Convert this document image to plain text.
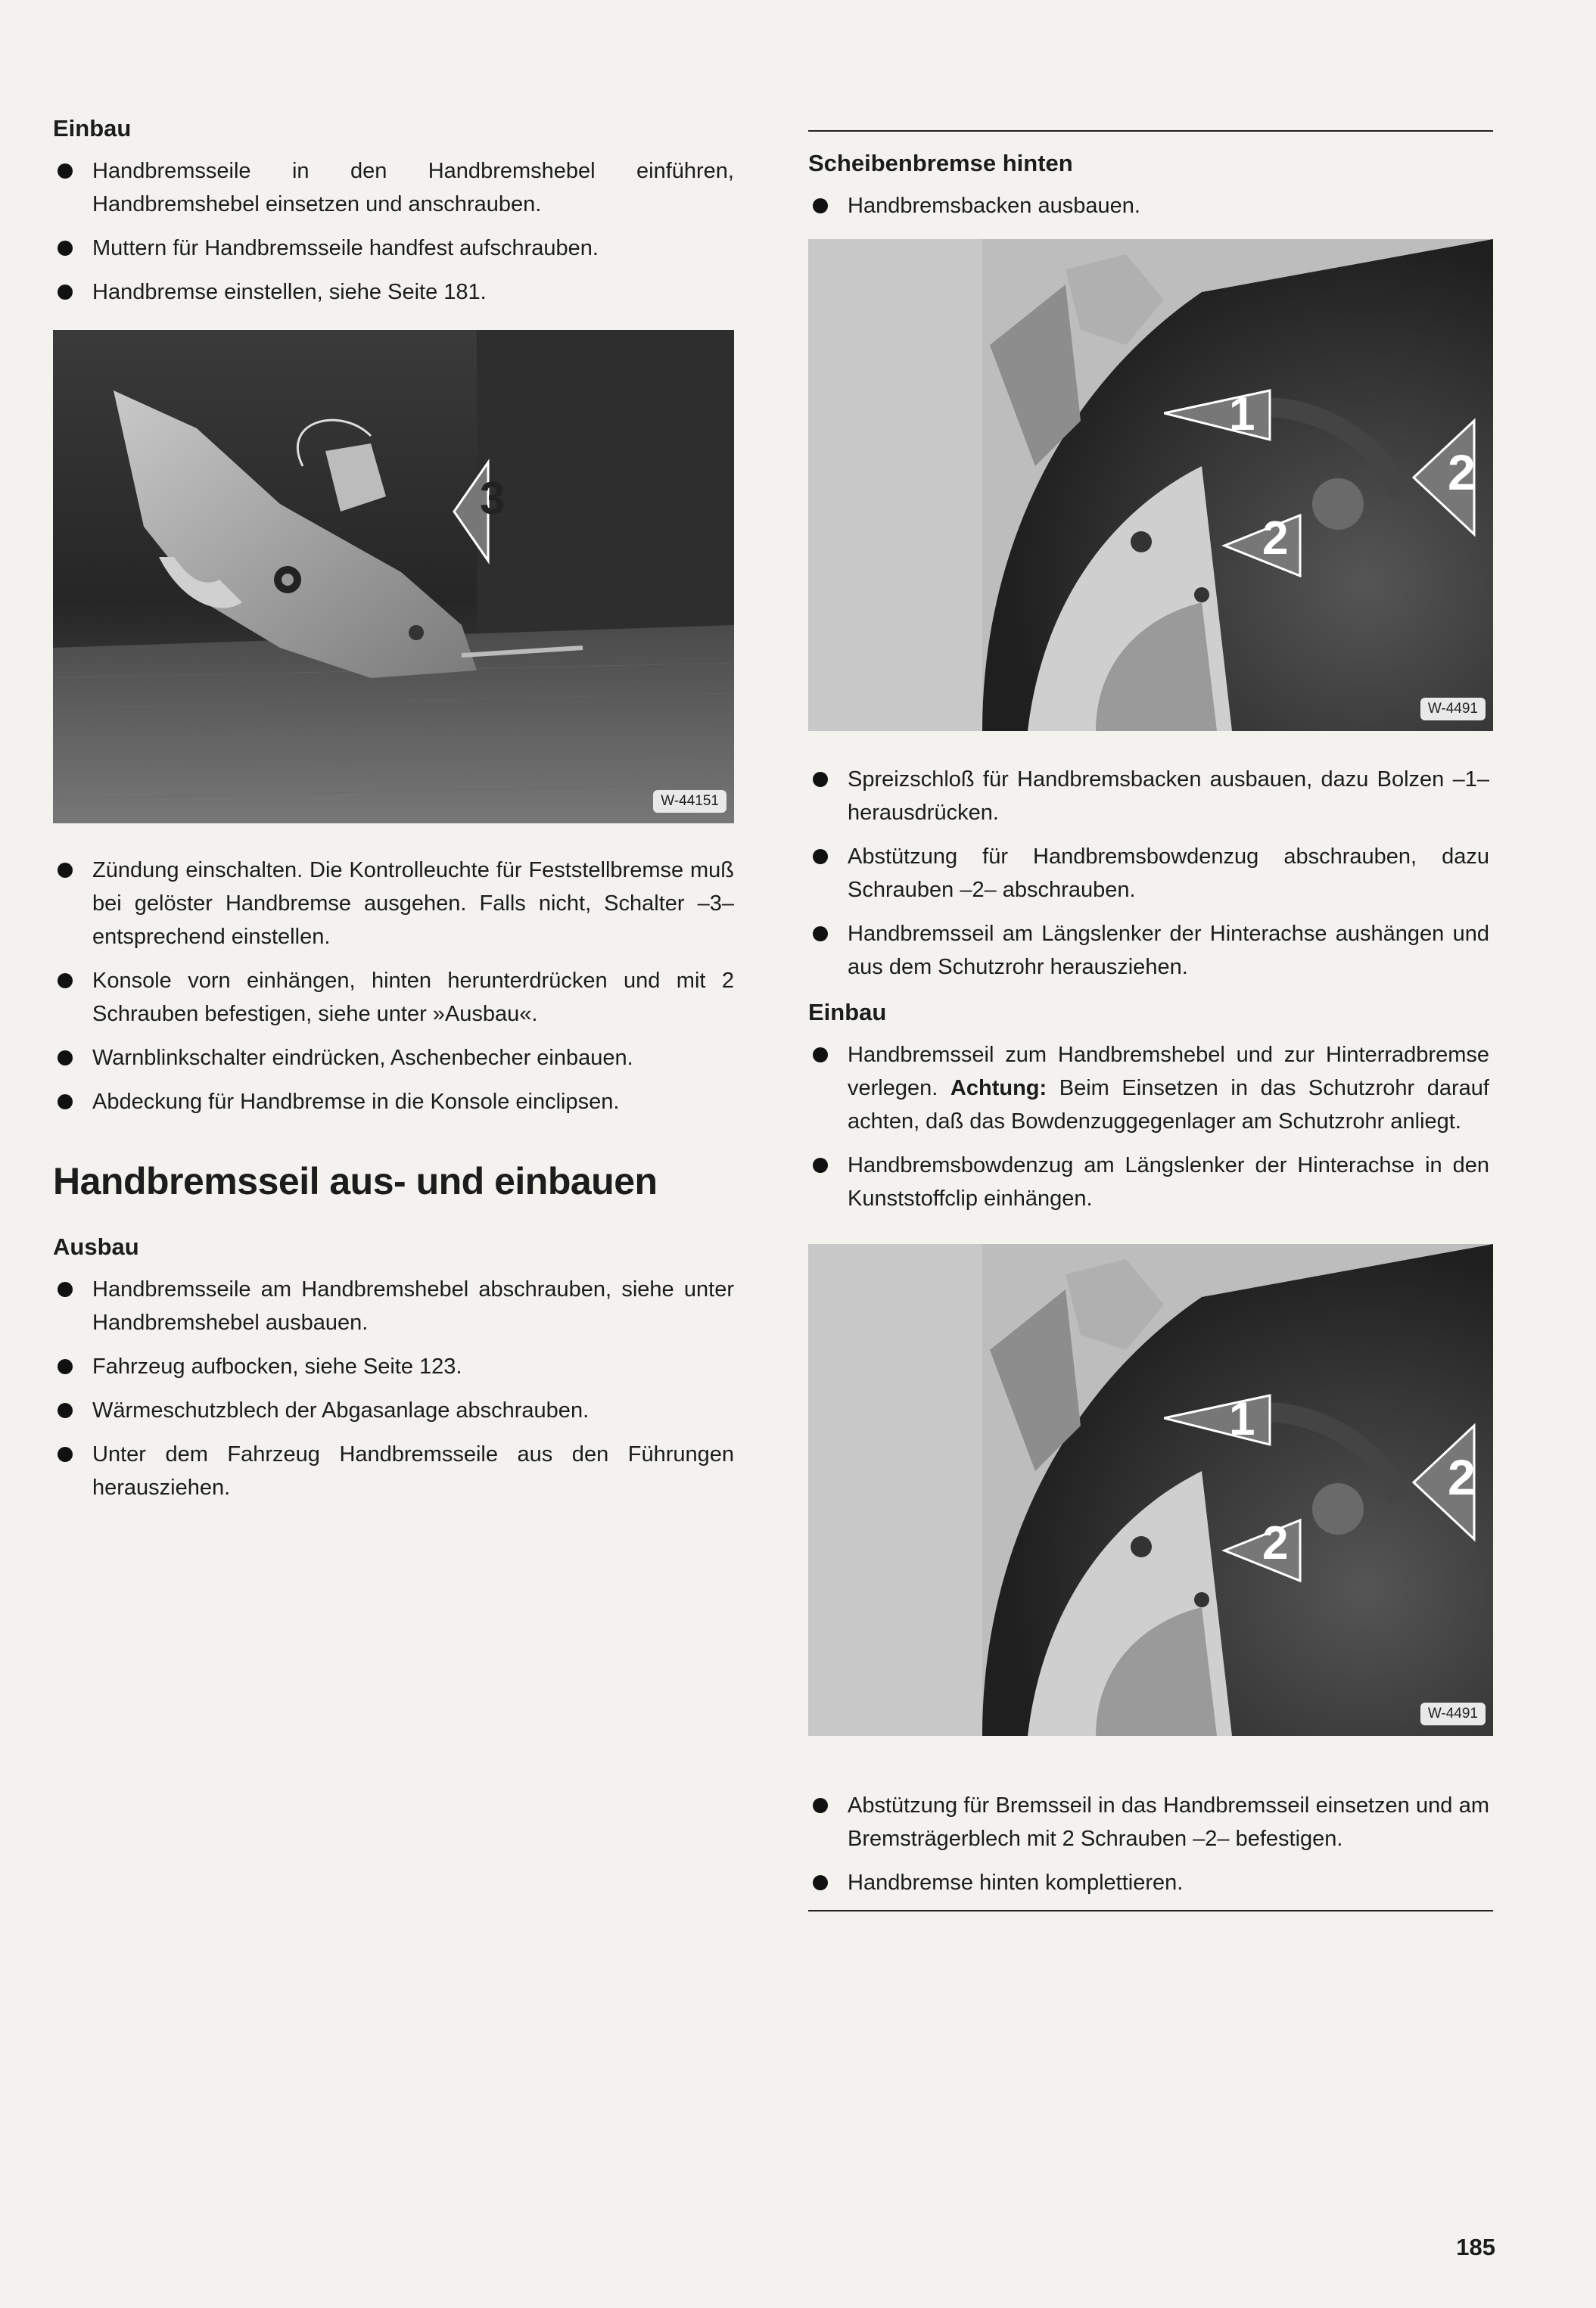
Einbau
Handbremsseile in den Handbremshebel einführen, Handbremshebel einsetzen und anschrauben.
Muttern für Handbremsseile handfest aufschrauben.
Handbremse einstellen, siehe Seite 181.
3
W-44151
Zündung einschalten. Die Kontrolleuchte für Feststellbremse muß bei gelöster Handbremse ausgehen. Falls nicht, Schalter –3– entsprechend einstellen.
Konsole vorn einhängen, hinten herunterdrücken und mit 2 Schrauben befestigen, siehe unter »Ausbau«.
Warnblinkschalter eindrücken, Aschenbecher einbauen.
Abdeckung für Handbremse in die Konsole einclipsen.
Handbremsseil aus- und einbauen
Ausbau
Handbremsseile am Handbremshebel abschrauben, siehe unter Handbremshebel ausbauen.
Fahrzeug aufbocken, siehe Seite 123.
Wärmeschutzblech der Abgasanlage abschrauben.
Unter dem Fahrzeug Handbremsseile aus den Führungen herausziehen.
Scheibenbremse hinten
Handbremsbacken ausbauen.
1
2
2
W-4491
Spreizschloß für Handbremsbacken ausbauen, dazu Bolzen –1– herausdrücken.
Abstützung für Handbremsbowdenzug abschrauben, dazu Schrauben –2– abschrauben.
Handbremsseil am Längslenker der Hinterachse aushängen und aus dem Schutzrohr herausziehen.
Einbau
Handbremsseil zum Handbremshebel und zur Hinterradbremse verlegen. Achtung: Beim Einsetzen in das Schutzrohr darauf achten, daß das Bowdenzuggegenlager am Schutzrohr anliegt.
Handbremsbowdenzug am Längslenker der Hinterachse in den Kunststoffclip einhängen.
1
2
2
W-4491
Abstützung für Bremsseil in das Handbremsseil einsetzen und am Bremsträgerblech mit 2 Schrauben –2– befestigen.
Handbremse hinten komplettieren.
185
